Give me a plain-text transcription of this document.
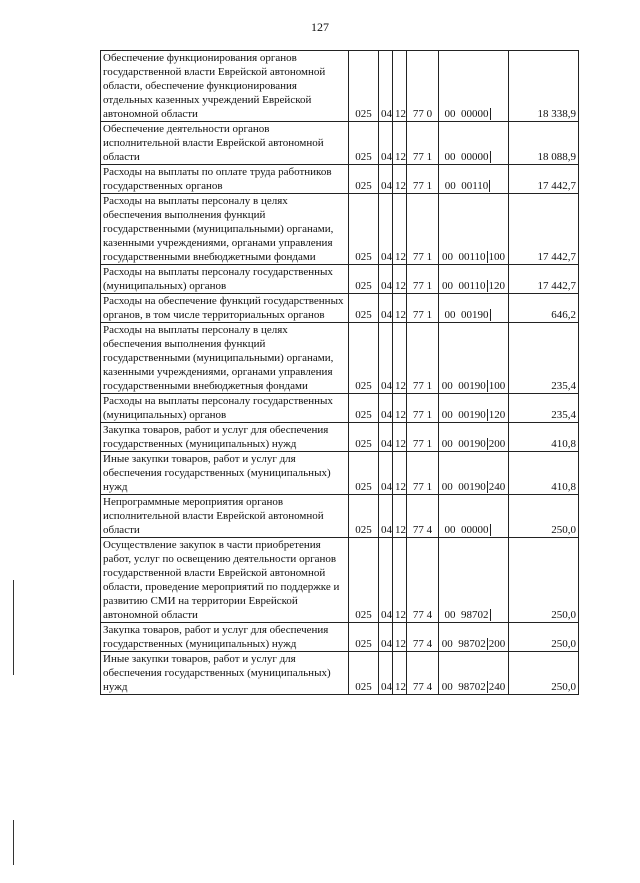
127
Обеспечение функционирования органов государственной власти Еврейской автономной области, обеспечение функционирования отдельных казенных учреждений Еврейской автономной области	025	04	12	77 0	00 00000	18 338,9
Обеспечение деятельности органов исполнительной власти Еврейской автономной области	025	04	12	77 1	00 00000	18 088,9
Расходы на выплаты по оплате труда работников государственных органов	025	04	12	77 1	00 00110	17 442,7
Расходы на выплаты персоналу в целях обеспечения выполнения функций государственными (муниципальными) органами, казенными учреждениями, органами управления государственными внебюджетными фондами	025	04	12	77 1	00 00110 100	17 442,7
Расходы на выплаты персоналу государственных (муниципальных) органов	025	04	12	77 1	00 00110 120	17 442,7
Расходы на обеспечение функций государственных органов, в том числе территориальных органов	025	04	12	77 1	00 00190	646,2
Расходы на выплаты персоналу в целях обеспечения выполнения функций государственными (муниципальными) органами, казенными учреждениями, органами управления государственными внебюджетныя фондами	025	04	12	77 1	00 00190 100	235,4
Расходы на выплаты персоналу государственных (муниципальных) органов	025	04	12	77 1	00 00190 120	235,4
Закупка товаров, работ и услуг для обеспечения государственных (муниципальных) нужд	025	04	12	77 1	00 00190 200	410,8
Иные закупки товаров, работ и услуг для обеспечения государственных (муниципальных) нужд	025	04	12	77 1	00 00190 240	410,8
Непрограммные мероприятия органов исполнительной власти Еврейской автономной области	025	04	12	77 4	00 00000	250,0
Осуществление закупок в части приобретения работ, услуг по освещению деятельности органов государственной власти Еврейской автономной области, проведение мероприятий по поддержке и развитию СМИ на территории Еврейской автономной области	025	04	12	77 4	00 98702	250,0
Закупка товаров, работ и услуг для обеспечения государственных (муниципальных) нужд	025	04	12	77 4	00 98702 200	250,0
Иные закупки товаров, работ и услуг для обеспечения государственных (муниципальных) нужд	025	04	12	77 4	00 98702 240	250,0
